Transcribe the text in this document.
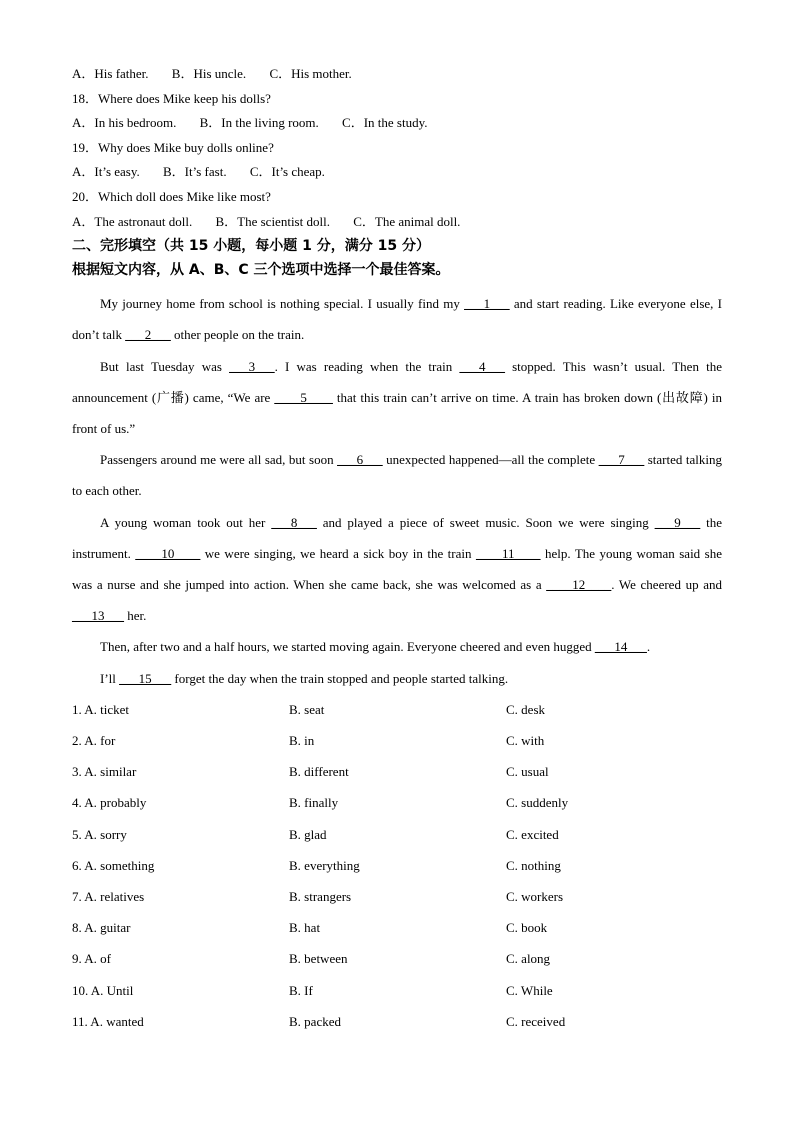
A．His father. B．His uncle. C．His mother.
18．Where does Mike keep his dolls?
A．In his bedroom. B．In the living room. C．In the study.
19．Why does Mike buy dolls online?
A．It’s easy. B．It’s fast. C．It’s cheap.
20．Which doll does Mike like most?
A．The astronaut doll. B．The scientist doll. C．The animal doll.
二、完形填空（共 15 小题，每小题 1 分，满分 15 分）
根据短文内容，从 A、B、C 三个选项中选择一个最佳答案。

My journey home from school is nothing special. I usually find my ___1___ and start reading. Like everyone else, I don’t talk ___2___ other people on the train.

But last Tuesday was ___3___. I was reading when the train ___4___ stopped. This wasn’t usual. Then the announcement (广播) came, “We are ____5____ that this train can’t arrive on time. A train has broken down (出故障) in front of us.”

Passengers around me were all sad, but soon ___6___ unexpected happened—all the complete ___7___ started talking to each other.

A young woman took out her ___8___ and played a piece of sweet music. Soon we were singing ___9___ the instrument. ____10____ we were singing, we heard a sick boy in the train ____11____ help. The young woman said she was a nurse and she jumped into action. When she came back, she was welcomed as a ____12____. We cheered up and ___13___ her.

Then, after two and a half hours, we started moving again. Everyone cheered and even hugged ___14___.

I’ll ___15___ forget the day when the train stopped and people started talking.

1. A. ticket	B. seat	C. desk
2. A. for	B. in	C. with
3. A. similar	B. different	C. usual
4. A. probably	B. finally	C. suddenly
5. A. sorry	B. glad	C. excited
6. A. something	B. everything	C. nothing
7. A. relatives	B. strangers	C. workers
8. A. guitar	B. hat	C. book
9. A. of	B. between	C. along
10. A. Until	B. If	C. While
11. A. wanted	B. packed	C. received
